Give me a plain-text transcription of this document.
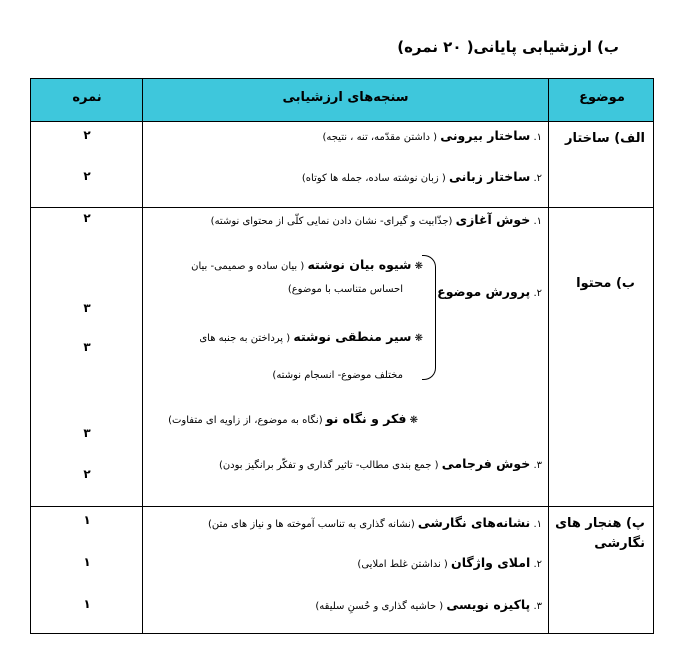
ب) ارزشیابی پایانی( ۲۰ نمره)
نمره	سنجه‌های ارزشیابی	موضوع
الف) ساختار
۱. ساختار بیرونی ( داشتن مقدّمه، تنه ، نتیجه)
۲
۲. ساختار زبانی ( زبان نوشته ساده، جمله ها کوتاه)
۲
ب) محتوا
۱. خوش آغازی (جذّابیت و گیرای- نشان دادن نمایی کلّی از محتوای نوشته)
۲
۲. پرورش موضوع
❋ شیوه بیان نوشته ( بیان ساده و صمیمی- بیان
احساس متناسب با موضوع)
۳
❋ سیر منطقی نوشته ( پرداختن به جنبه های
مختلف موضوع- انسجام نوشته)
۳
❋ فکر و نگاه نو (نگاه به موضوع، از زاویه ای متفاوت)
۳
۳. خوش فرجامی ( جمع بندی مطالب- تاثیر گذاری و تفکّر برانگیز بودن)
۲
پ) هنجار های
نگارشی
۱. نشانه‌های نگارشی (نشانه گذاری به تناسب آموخته ها و نیاز های متن)
۱
۲. املای واژگان ( نداشتن غلط املایی)
۱
۳. پاکیزه نویسی ( حاشیه گذاری و حُسنِ سلیقه)
۱
